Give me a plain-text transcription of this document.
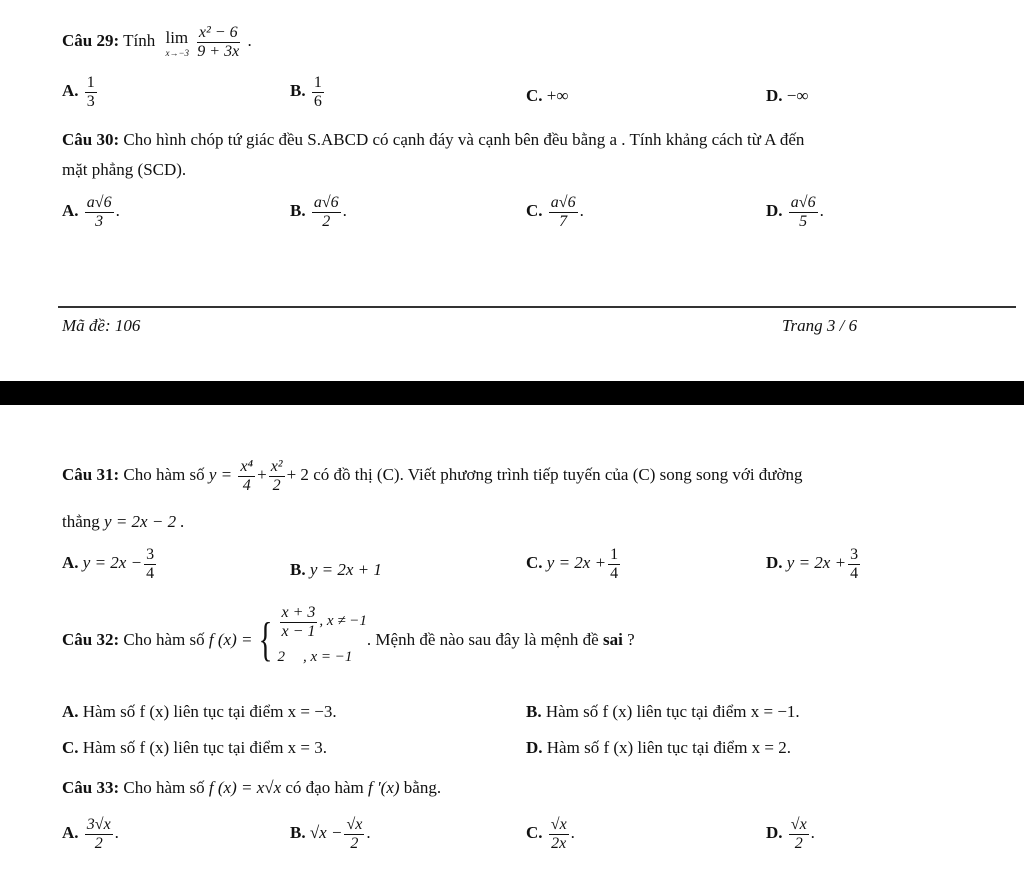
Câu 29: Tính lim
x→−3
$\frac{\text{x² − 6}}{9 + 3x}$ .
A. $\frac{1}{3}$	B. $\frac{1}{6}$	C. +∞	D. −∞
Câu 30: Cho hình chóp tứ giác đều S.ABCD có cạnh đáy và cạnh bên đều bằng a . Tính khảng cách từ A đến
mặt phẳng (SCD).
A. $\frac{a√6}{3}$ .	B. $\frac{a√6}{2}$ .	C. $\frac{a√6}{7}$ .	D. $\frac{a√6}{5}$ .
Mã đề: 106	Trang 3 / 6
Câu 31: Cho hàm số $y = \frac{\text{x⁴}}{4} + \frac{\text{x²}}{2} + 2$ có đồ thị (C). Viết phương trình tiếp tuyến của (C) song song với đường
thẳng y = 2x − 2 .
A. $y = 2x - \frac{3}{4}$	B. y = 2x + 1	C. $y = 2x + \frac{1}{4}$	D. $y = 2x + \frac{3}{4}$
Câu 32:
Cho hàm số
f (x) = { $\frac{x + 3}{x - 1}$ , x ≠ −1
2 , x = −1
. Mệnh đề nào sau đây là mệnh đề
sai
?
A. Hàm số f (x) liên tục tại điểm x = −3.	B. Hàm số f (x) liên tục tại điểm x = −1.
C. Hàm số f (x) liên tục tại điểm x = 3.	D. Hàm số f (x) liên tục tại điểm x = 2.
Câu 33: Cho hàm số f (x) = x√x có đạo hàm f ′(x) bằng.
A. $\frac{3√x}{2}$ .	B. $√x - \frac{√x}{2}$ .	C. $\frac{√x}{2x}$ .	D. $\frac{√x}{2}$ .
